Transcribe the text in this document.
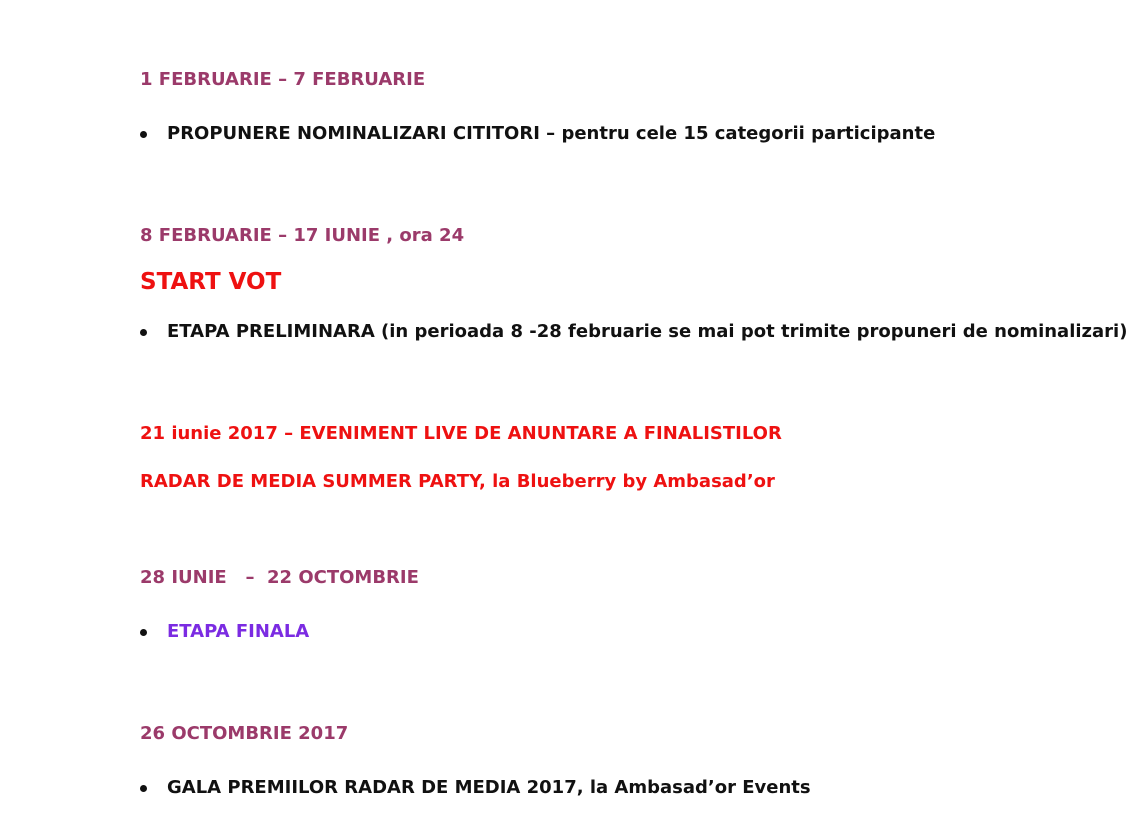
1 FEBRUARIE – 7 FEBRUARIE
PROPUNERE NOMINALIZARI CITITORI – pentru cele 15 categorii participante
8 FEBRUARIE – 17 IUNIE , ora 24
START VOT
ETAPA PRELIMINARA (in perioada 8 -28 februarie se mai pot trimite propuneri de nominalizari)
21 iunie 2017 – EVENIMENT LIVE DE ANUNTARE A FINALISTILOR
RADAR DE MEDIA SUMMER PARTY, la Blueberry by Ambasad’or
28 IUNIE   –  22 OCTOMBRIE
ETAPA FINALA
26 OCTOMBRIE 2017
GALA PREMIILOR RADAR DE MEDIA 2017, la Ambasad’or Events
